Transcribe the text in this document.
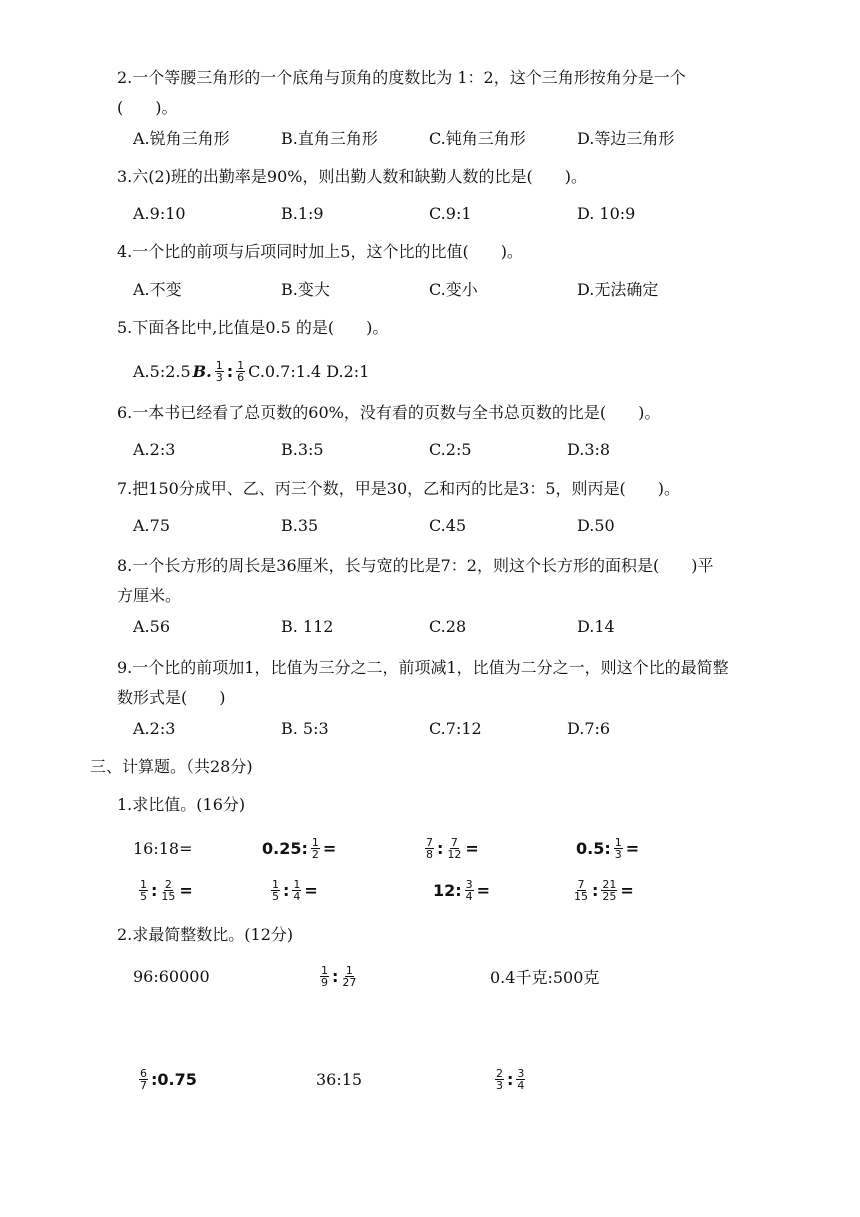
2.一个等腰三角形的一个底角与顶角的度数比为 1：2，这个三角形按角分是一个
(　　)。
A.锐角三角形	B.直角三角形	C.钝角三角形	D.等边三角形
3.六(2)班的出勤率是90%，则出勤人数和缺勤人数的比是(　　)。
A.9:10	B.1:9	C.9:1	D. 10:9
4.一个比的前项与后项同时加上5，这个比的比值(　　)。
A.不变	B.变大	C.变小	D.无法确定
5.下面各比中,比值是0.5 的是(　　)。
A.5:2.5 B. $\frac{1}{3}$ : $\frac{1}{6}$ C.0.7:1.4 D.2:1
6.一本书已经看了总页数的60%，没有看的页数与全书总页数的比是(　　)。
A.2:3	B.3:5	C.2:5	D.3:8
7.把150分成甲、乙、丙三个数，甲是30，乙和丙的比是3：5，则丙是(　　)。
A.75	B.35	C.45	D.50
8.一个长方形的周长是36厘米，长与宽的比是7：2，则这个长方形的面积是(　　)平
方厘米。
A.56	B. 112	C.28	D.14
9.一个比的前项加1，比值为三分之二，前项减1，比值为二分之一，则这个比的最简整
数形式是(　　)
A.2:3	B. 5:3	C.7:12	D.7:6
三、计算题。（共28分)
1.求比值。(16分)
16:18=	0.25: $\frac{1}{2}$ =	$\frac{7}{8}$ : $\frac{7}{12}$ =	0.5: $\frac{1}{3}$ =
$\frac{1}{5}$ : $\frac{2}{15}$ =	$\frac{1}{5}$ : $\frac{1}{4}$ =	12: $\frac{3}{4}$ =	$\frac{7}{15}$ : $\frac{21}{25}$ =
2.求最简整数比。(12分)
96:60000	$\frac{1}{9}$ : $\frac{1}{27}$	0.4千克:500克
$\frac{6}{7}$ :0.75	36:15	$\frac{2}{3}$ : $\frac{3}{4}$
